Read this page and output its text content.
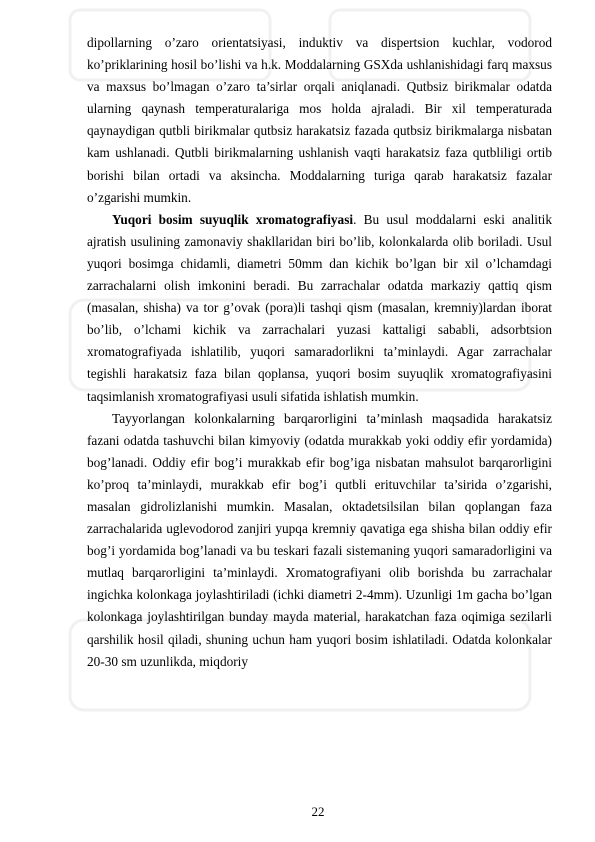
dipollarning o’zaro orientatsiyasi, induktiv va dispertsion kuchlar, vodorod ko’priklarining hosil bo’lishi va h.k. Moddalarning GSXda ushlanishidagi farq maxsus va maxsus bo’lmagan o’zaro ta’sirlar orqali aniqlanadi. Qutbsiz birikmalar odatda ularning qaynash temperaturalariga mos holda ajraladi. Bir xil temperaturada qaynaydigan qutbli birikmalar qutbsiz harakatsiz fazada qutbsiz birikmalarga nisbatan kam ushlanadi. Qutbli birikmalarning ushlanish vaqti harakatsiz faza qutbliligi ortib borishi bilan ortadi va aksincha. Moddalarning turiga qarab harakatsiz fazalar o’zgarishi mumkin.

Yuqori bosim suyuqlik xromatografiyasi. Bu usul moddalarni eski analitik ajratish usulining zamonaviy shakllaridan biri bo’lib, kolonkalarda olib boriladi. Usul yuqori bosimga chidamli, diametri 50mm dan kichik bo’lgan bir xil o’lchamdagi zarrachalarni olish imkonini beradi. Bu zarrachalar odatda markaziy qattiq qism (masalan, shisha) va tor g’ovak (pora)li tashqi qism (masalan, kremniy)lardan iborat bo’lib, o’lchami kichik va zarrachalari yuzasi kattaligi sababli, adsorbtsion xromatografiyada ishlatilib, yuqori samaradorlikni ta’minlaydi. Agar zarrachalar tegishli harakatsiz faza bilan qoplansa, yuqori bosim suyuqlik xromatografiyasini taqsimlanish xromatografiyasi usuli sifatida ishlatish mumkin.

Tayyorlangan kolonkalarning barqarorligini ta’minlash maqsadida harakatsiz fazani odatda tashuvchi bilan kimyoviy (odatda murakkab yoki oddiy efir yordamida) bog’lanadi. Oddiy efir bog’i murakkab efir bog’iga nisbatan mahsulot barqarorligini ko’proq ta’minlaydi, murakkab efir bog’i qutbli erituvchilar ta’sirida o’zgarishi, masalan gidrolizlanishi mumkin. Masalan, oktadetsilsilan bilan qoplangan faza zarrachalarida uglevodorod zanjiri yupqa kremniy qavatiga ega shisha bilan oddiy efir bog’i yordamida bog’lanadi va bu teskari fazali sistemaning yuqori samaradorligini va mutlaq barqarorligini ta’minlaydi. Xromatografiyani olib borishda bu zarrachalar ingichka kolonkaga joylashtiriladi (ichki diametri 2-4mm). Uzunligi 1m gacha bo’lgan kolonkaga joylashtirilgan bunday mayda material, harakatchan faza oqimiga sezilarli qarshilik hosil qiladi, shuning uchun ham yuqori bosim ishlatiladi. Odatda kolonkalar 20-30 sm uzunlikda, miqdoriy

22
